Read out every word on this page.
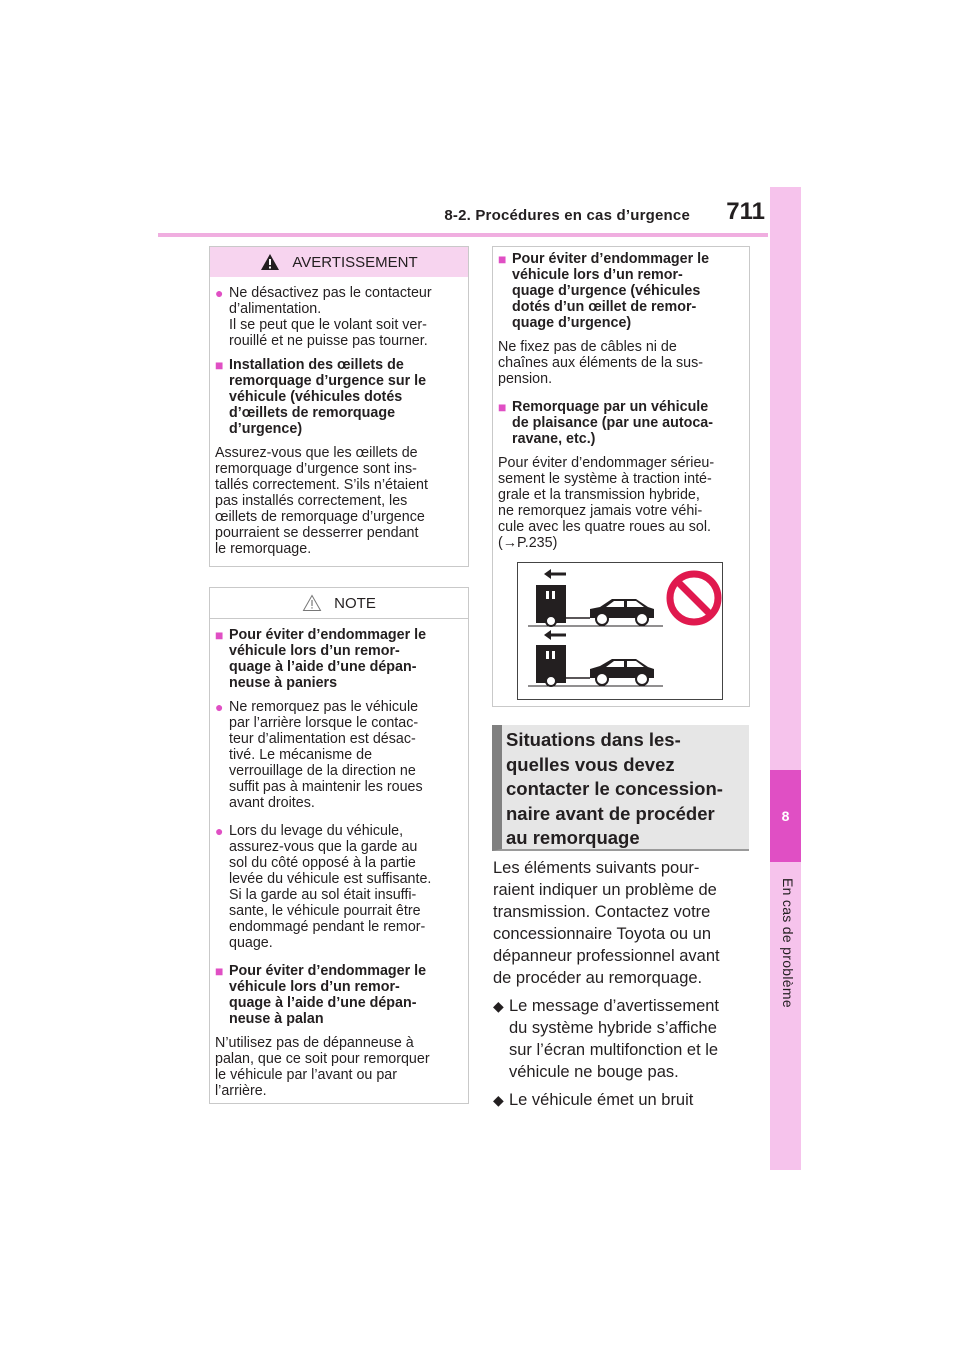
8-2. Procédures en cas d’urgence	711
8
En cas de problème
AVERTISSEMENT
● Ne désactivez pas le contacteur
d’alimentation.
Il se peut que le volant soit ver-
rouillé et ne puisse pas tourner.
■ Installation des œillets de
remorquage d’urgence sur le
véhicule (véhicules dotés
d’œillets de remorquage
d’urgence)
Assurez-vous que les œillets de
remorquage d’urgence sont ins-
tallés correctement. S’ils n’étaient
pas installés correctement, les
œillets de remorquage d’urgence
pourraient se desserrer pendant
le remorquage.
NOTE
■ Pour éviter d’endommager le
véhicule lors d’un remor-
quage à l’aide d’une dépan-
neuse à paniers
● Ne remorquez pas le véhicule
par l’arrière lorsque le contac-
teur d’alimentation est désac-
tivé. Le mécanisme de
verrouillage de la direction ne
suffit pas à maintenir les roues
avant droites.
● Lors du levage du véhicule,
assurez-vous que la garde au
sol du côté opposé à la partie
levée du véhicule est suffisante.
Si la garde au sol était insuffi-
sante, le véhicule pourrait être
endommagé pendant le remor-
quage.
■ Pour éviter d’endommager le
véhicule lors d’un remor-
quage à l’aide d’une dépan-
neuse à palan
N’utilisez pas de dépanneuse à
palan, que ce soit pour remorquer
le véhicule par l’avant ou par
l’arrière.
■ Pour éviter d’endommager le
véhicule lors d’un remor-
quage d’urgence (véhicules
dotés d’un œillet de remor-
quage d’urgence)
Ne fixez pas de câbles ni de
chaînes aux éléments de la sus-
pension.
■ Remorquage par un véhicule
de plaisance (par une autoca-
ravane, etc.)
Pour éviter d’endommager sérieu-
sement le système à traction inté-
grale et la transmission hybride,
ne remorquez jamais votre véhi-
cule avec les quatre roues au sol.
(→P.235)
Situations dans les-
quelles vous devez
contacter le concession-
naire avant de procéder
au remorquage
Les éléments suivants pour-
raient indiquer un problème de
transmission. Contactez votre
concessionnaire Toyota ou un
dépanneur professionnel avant
de procéder au remorquage.
◆ Le message d’avertissement
du système hybride s’affiche
sur l’écran multifonction et le
véhicule ne bouge pas.
◆ Le véhicule émet un bruit
